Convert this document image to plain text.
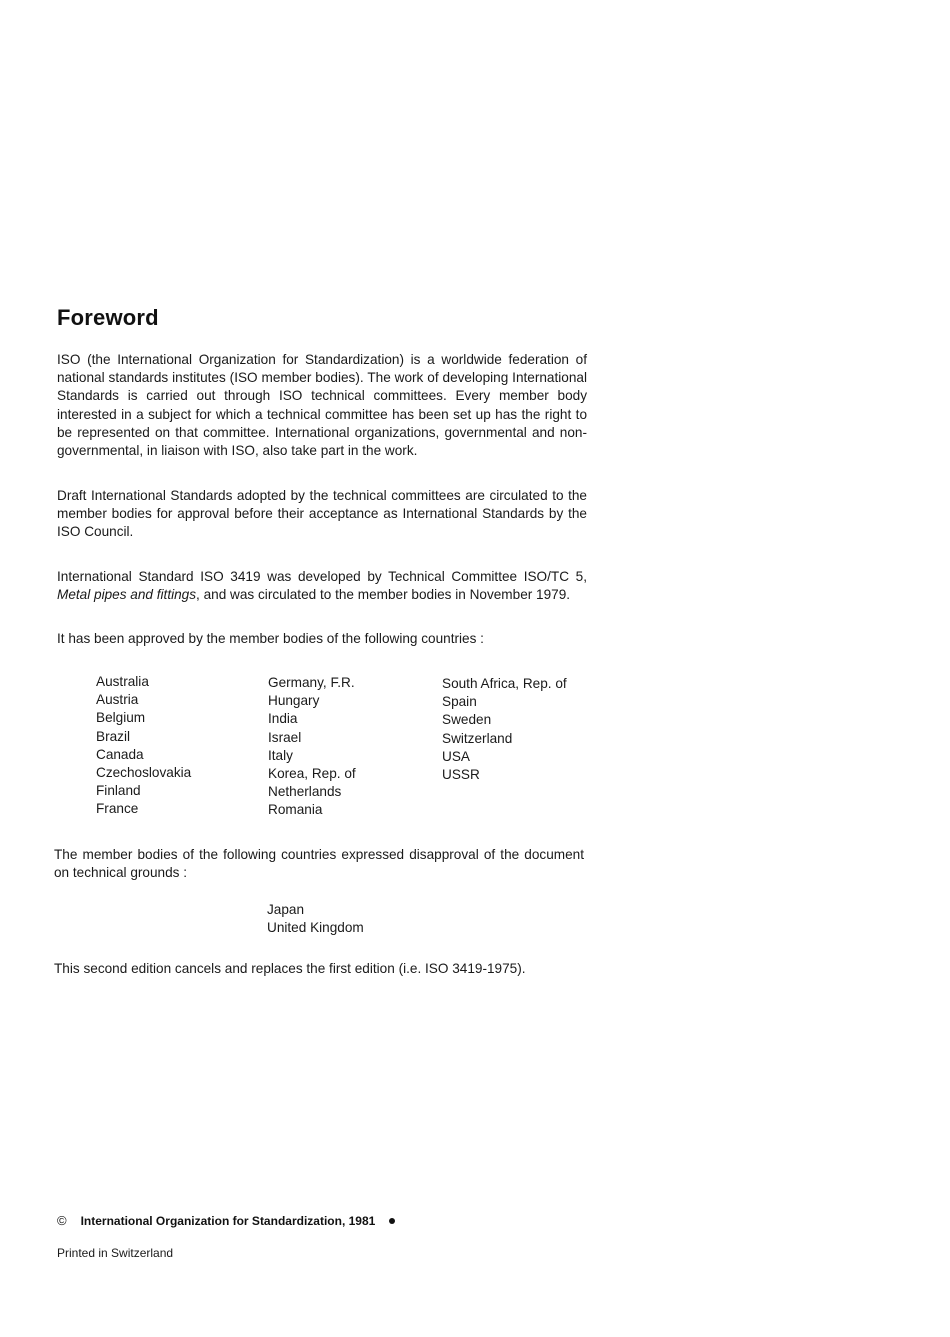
Foreword

ISO (the International Organization for Standardization) is a worldwide federation of national standards institutes (ISO member bodies). The work of developing International Standards is carried out through ISO technical committees. Every member body interested in a subject for which a technical committee has been set up has the right to be represented on that committee. International organizations, governmental and non-governmental, in liaison with ISO, also take part in the work.

Draft International Standards adopted by the technical committees are circulated to the member bodies for approval before their acceptance as International Standards by the ISO Council.

International Standard ISO 3419 was developed by Technical Committee ISO/TC 5, Metal pipes and fittings, and was circulated to the member bodies in November 1979.

It has been approved by the member bodies of the following countries :

Australia
Austria
Belgium
Brazil
Canada
Czechoslovakia
Finland
France
Germany, F.R.
Hungary
India
Israel
Italy
Korea, Rep. of
Netherlands
Romania
South Africa, Rep. of
Spain
Sweden
Switzerland
USA
USSR

The member bodies of the following countries expressed disapproval of the document on technical grounds :

Japan
United Kingdom

This second edition cancels and replaces the first edition (i.e. ISO 3419-1975).

© International Organization for Standardization, 1981
Printed in Switzerland
